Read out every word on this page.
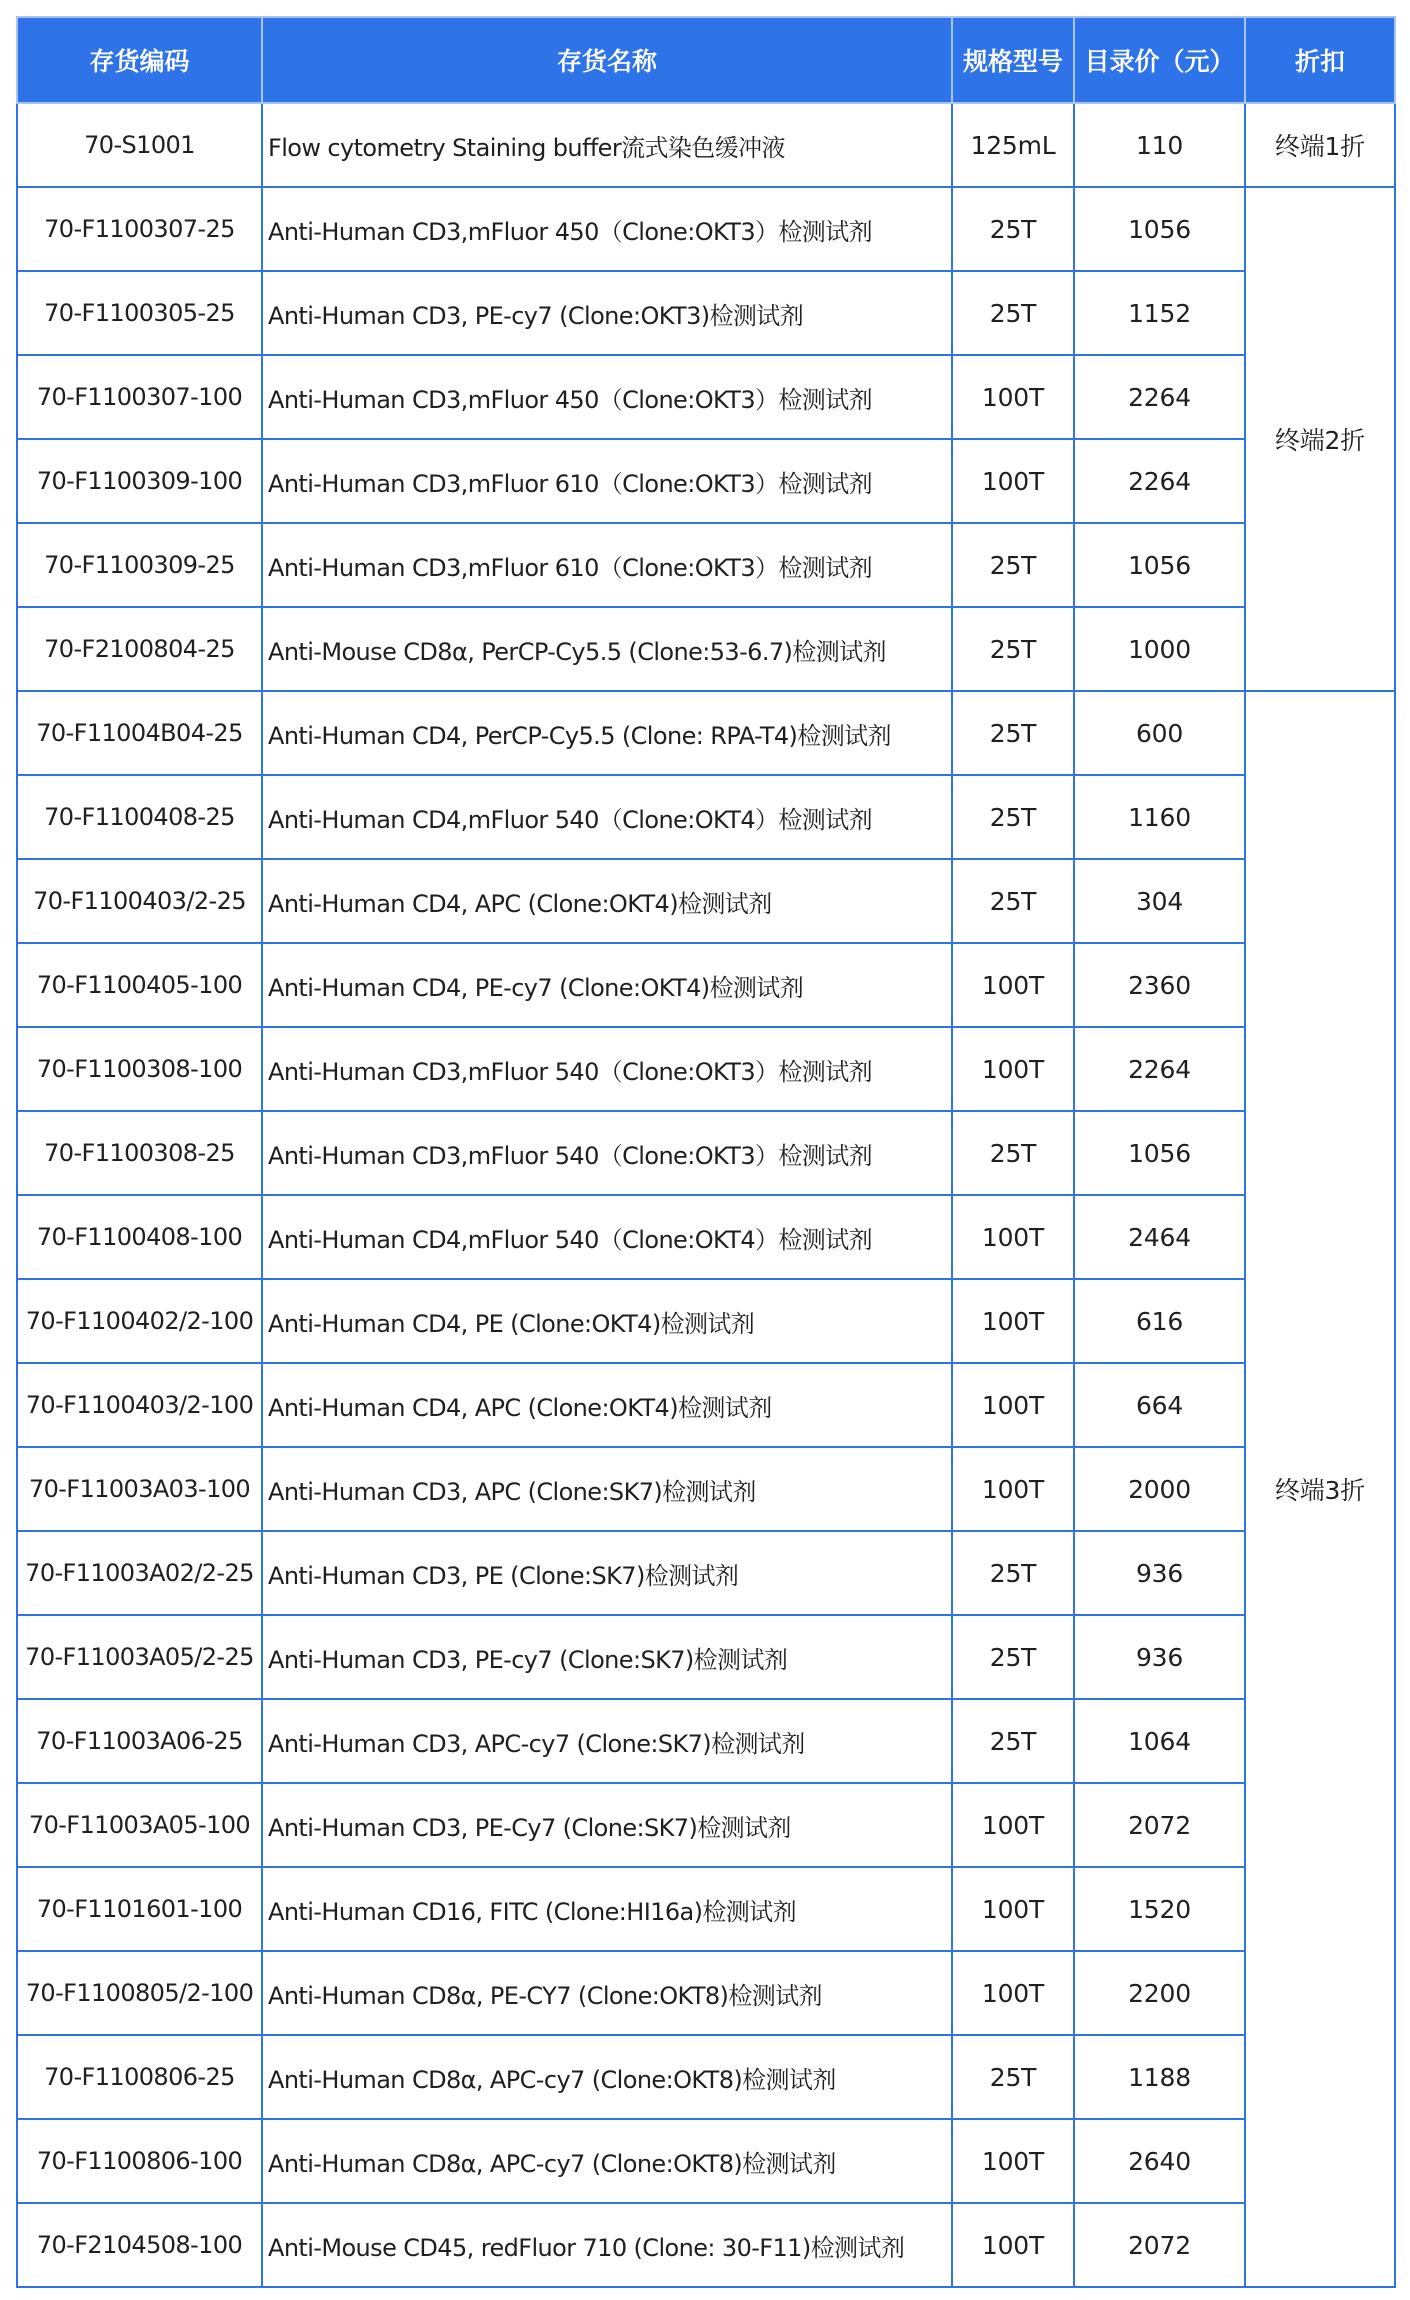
存货编码	存货名称	规格型号	目录价（元）	折扣
70-S1001	Flow cytometry Staining buffer流式染色缓冲液	125mL	110	终端1折
70-F1100307-25	Anti-Human CD3,mFluor 450（Clone:OKT3）检测试剂	25T	1056	终端2折
70-F1100305-25	Anti-Human CD3, PE-cy7 (Clone:OKT3)检测试剂	25T	1152	
70-F1100307-100	Anti-Human CD3,mFluor 450（Clone:OKT3）检测试剂	100T	2264	
70-F1100309-100	Anti-Human CD3,mFluor 610（Clone:OKT3）检测试剂	100T	2264	
70-F1100309-25	Anti-Human CD3,mFluor 610（Clone:OKT3）检测试剂	25T	1056	
70-F2100804-25	Anti-Mouse CD8α, PerCP-Cy5.5 (Clone:53-6.7)检测试剂	25T	1000	
70-F11004B04-25	Anti-Human CD4, PerCP-Cy5.5 (Clone: RPA-T4)检测试剂	25T	600	终端3折
70-F1100408-25	Anti-Human CD4,mFluor 540（Clone:OKT4）检测试剂	25T	1160	
70-F1100403/2-25	Anti-Human CD4, APC (Clone:OKT4)检测试剂	25T	304	
70-F1100405-100	Anti-Human CD4, PE-cy7 (Clone:OKT4)检测试剂	100T	2360	
70-F1100308-100	Anti-Human CD3,mFluor 540（Clone:OKT3）检测试剂	100T	2264	
70-F1100308-25	Anti-Human CD3,mFluor 540（Clone:OKT3）检测试剂	25T	1056	
70-F1100408-100	Anti-Human CD4,mFluor 540（Clone:OKT4）检测试剂	100T	2464	
70-F1100402/2-100	Anti-Human CD4, PE (Clone:OKT4)检测试剂	100T	616	
70-F1100403/2-100	Anti-Human CD4, APC (Clone:OKT4)检测试剂	100T	664	
70-F11003A03-100	Anti-Human CD3, APC (Clone:SK7)检测试剂	100T	2000	
70-F11003A02/2-25	Anti-Human CD3, PE (Clone:SK7)检测试剂	25T	936	
70-F11003A05/2-25	Anti-Human CD3, PE-cy7 (Clone:SK7)检测试剂	25T	936	
70-F11003A06-25	Anti-Human CD3, APC-cy7 (Clone:SK7)检测试剂	25T	1064	
70-F11003A05-100	Anti-Human CD3, PE-Cy7 (Clone:SK7)检测试剂	100T	2072	
70-F1101601-100	Anti-Human CD16, FITC (Clone:HI16a)检测试剂	100T	1520	
70-F1100805/2-100	Anti-Human CD8α, PE-CY7 (Clone:OKT8)检测试剂	100T	2200	
70-F1100806-25	Anti-Human CD8α, APC-cy7 (Clone:OKT8)检测试剂	25T	1188	
70-F1100806-100	Anti-Human CD8α, APC-cy7 (Clone:OKT8)检测试剂	100T	2640	
70-F2104508-100	Anti-Mouse CD45, redFluor 710 (Clone: 30-F11)检测试剂	100T	2072	
